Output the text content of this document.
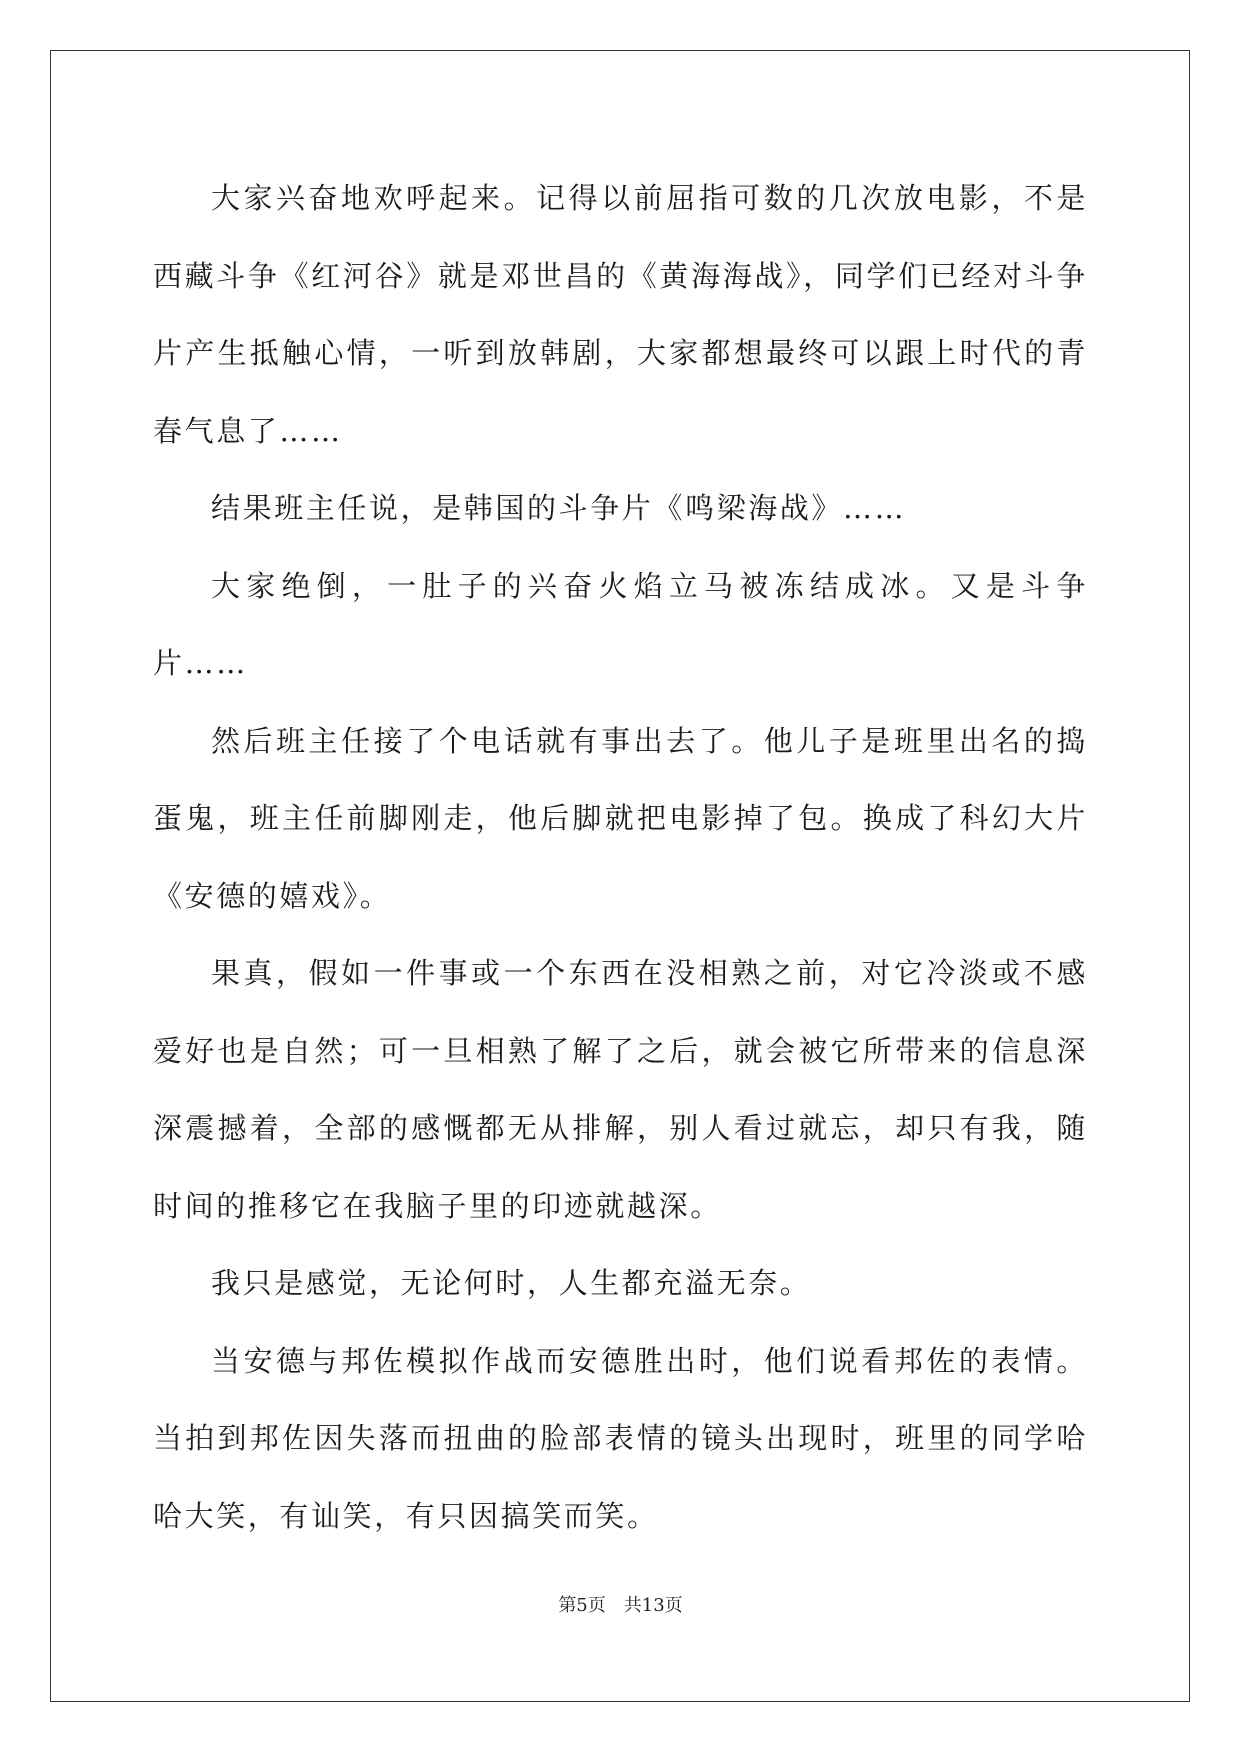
大家兴奋地欢呼起来。记得以前屈指可数的几次放电影，不是西藏斗争《红河谷》就是邓世昌的《黄海海战》，同学们已经对斗争片产生抵触心情，一听到放韩剧，大家都想最终可以跟上时代的青春气息了……

结果班主任说，是韩国的斗争片《鸣梁海战》……

大家绝倒，一肚子的兴奋火焰立马被冻结成冰。又是斗争片……

然后班主任接了个电话就有事出去了。他儿子是班里出名的捣蛋鬼，班主任前脚刚走，他后脚就把电影掉了包。换成了科幻大片《安德的嬉戏》。

果真，假如一件事或一个东西在没相熟之前，对它冷淡或不感爱好也是自然；可一旦相熟了解了之后，就会被它所带来的信息深深震撼着，全部的感慨都无从排解，别人看过就忘，却只有我，随时间的推移它在我脑子里的印迹就越深。

我只是感觉，无论何时，人生都充溢无奈。

当安德与邦佐模拟作战而安德胜出时，他们说看邦佐的表情。当拍到邦佐因失落而扭曲的脸部表情的镜头出现时，班里的同学哈哈大笑，有讪笑，有只因搞笑而笑。

第5页 共13页
